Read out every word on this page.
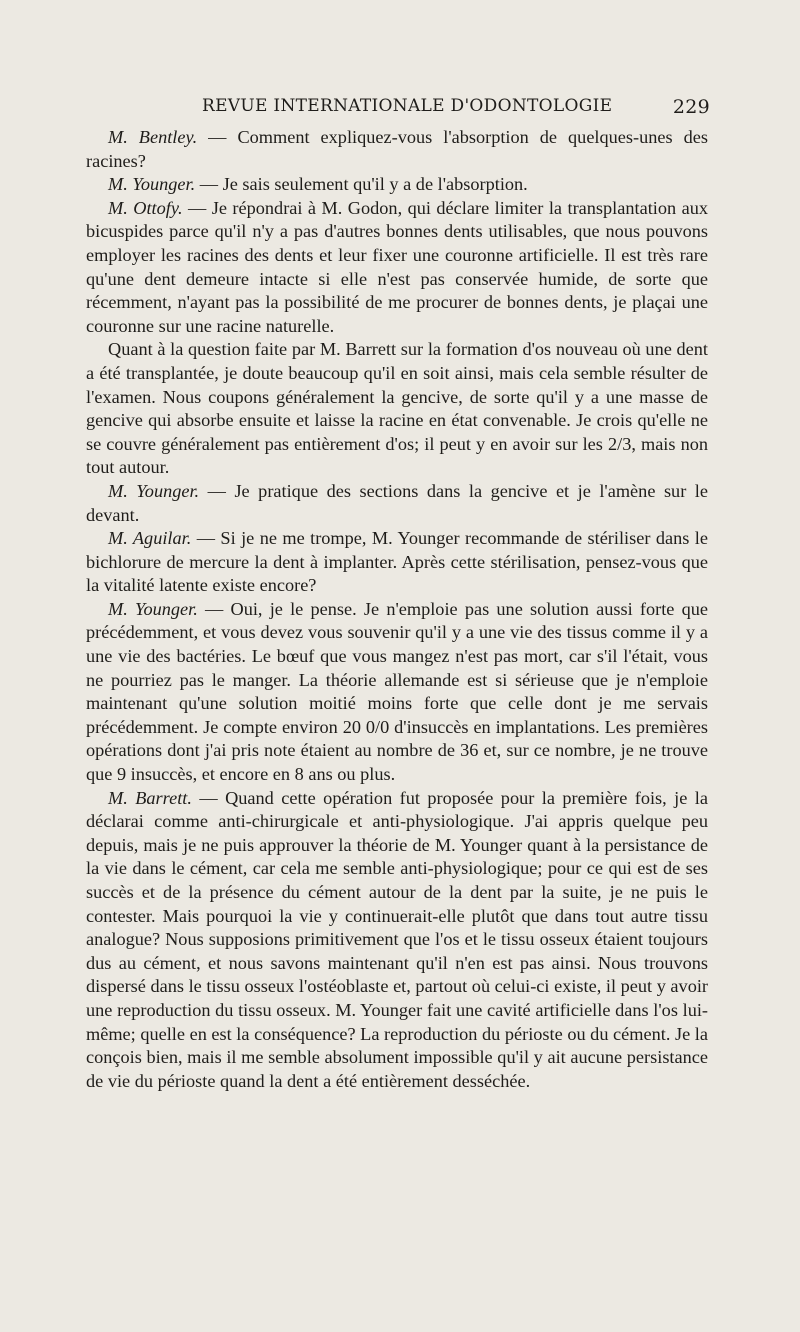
REVUE INTERNATIONALE D'ODONTOLOGIE	229

M. Bentley. — Comment expliquez-vous l'absorption de quelques-unes des racines?

M. Younger. — Je sais seulement qu'il y a de l'absorption.

M. Ottofy. — Je répondrai à M. Godon, qui déclare limiter la transplantation aux bicuspides parce qu'il n'y a pas d'autres bonnes dents utilisables, que nous pouvons employer les racines des dents et leur fixer une couronne artificielle. Il est très rare qu'une dent demeure intacte si elle n'est pas conservée humide, de sorte que récemment, n'ayant pas la possibilité de me procurer de bonnes dents, je plaçai une couronne sur une racine naturelle.

Quant à la question faite par M. Barrett sur la formation d'os nouveau où une dent a été transplantée, je doute beaucoup qu'il en soit ainsi, mais cela semble résulter de l'examen. Nous coupons généralement la gencive, de sorte qu'il y a une masse de gencive qui absorbe ensuite et laisse la racine en état convenable. Je crois qu'elle ne se couvre généralement pas entièrement d'os; il peut y en avoir sur les 2/3, mais non tout autour.

M. Younger. — Je pratique des sections dans la gencive et je l'amène sur le devant.

M. Aguilar. — Si je ne me trompe, M. Younger recommande de stériliser dans le bichlorure de mercure la dent à implanter. Après cette stérilisation, pensez-vous que la vitalité latente existe encore?

M. Younger. — Oui, je le pense. Je n'emploie pas une solution aussi forte que précédemment, et vous devez vous souvenir qu'il y a une vie des tissus comme il y a une vie des bactéries. Le bœuf que vous mangez n'est pas mort, car s'il l'était, vous ne pourriez pas le manger. La théorie allemande est si sérieuse que je n'emploie maintenant qu'une solution moitié moins forte que celle dont je me servais précédemment. Je compte environ 20 0/0 d'insuccès en implantations. Les premières opérations dont j'ai pris note étaient au nombre de 36 et, sur ce nombre, je ne trouve que 9 insuccès, et encore en 8 ans ou plus.

M. Barrett. — Quand cette opération fut proposée pour la première fois, je la déclarai comme anti-chirurgicale et anti-physiologique. J'ai appris quelque peu depuis, mais je ne puis approuver la théorie de M. Younger quant à la persistance de la vie dans le cément, car cela me semble anti-physiologique; pour ce qui est de ses succès et de la présence du cément autour de la dent par la suite, je ne puis le contester. Mais pourquoi la vie y continuerait-elle plutôt que dans tout autre tissu analogue? Nous supposions primitivement que l'os et le tissu osseux étaient toujours dus au cément, et nous savons maintenant qu'il n'en est pas ainsi. Nous trouvons dispersé dans le tissu osseux l'ostéoblaste et, partout où celui-ci existe, il peut y avoir une reproduction du tissu osseux. M. Younger fait une cavité artificielle dans l'os lui-même; quelle en est la conséquence? La reproduction du périoste ou du cément. Je la conçois bien, mais il me semble absolument impossible qu'il y ait aucune persistance de vie du périoste quand la dent a été entièrement desséchée.
